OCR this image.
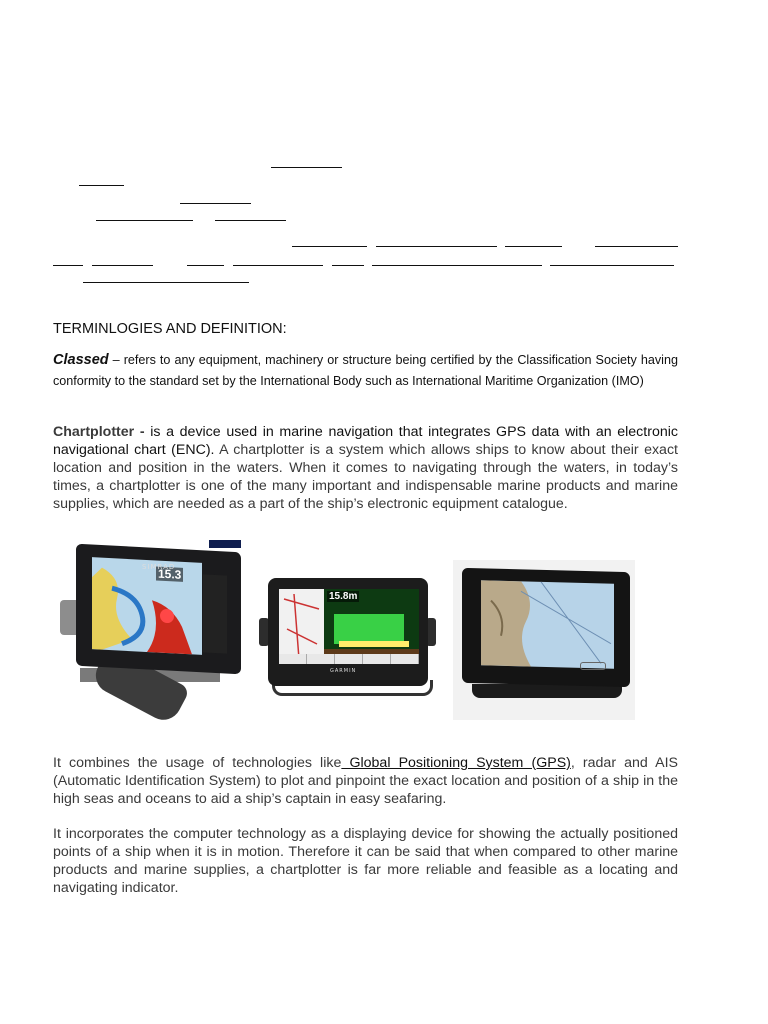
TERMINLOGIES AND DEFINITION:
Classed – refers to any equipment, machinery or structure being certified by the Classification Society having conformity to the standard set by the International Body such as International Maritime Organization (IMO)
Chartplotter - is a device used in marine navigation that integrates GPS data with an electronic navigational chart (ENC). A chartplotter is a system which allows ships to know about their exact location and position in the waters. When it comes to navigating through the waters, in today’s times, a chartplotter is one of the many important and indispensable marine products and marine supplies, which are needed as a part of the ship’s electronic equipment catalogue.
15.3
SIMRAD
15.8m
GARMIN
It combines the usage of technologies like Global Positioning System (GPS), radar and AIS (Automatic Identification System) to plot and pinpoint the exact location and position of a ship in the high seas and oceans to aid a ship’s captain in easy seafaring.
It incorporates the computer technology as a displaying device for showing the actually positioned points of a ship when it is in motion. Therefore it can be said that when compared to other marine products and marine supplies, a chartplotter is far more reliable and feasible as a locating and navigating indicator.
